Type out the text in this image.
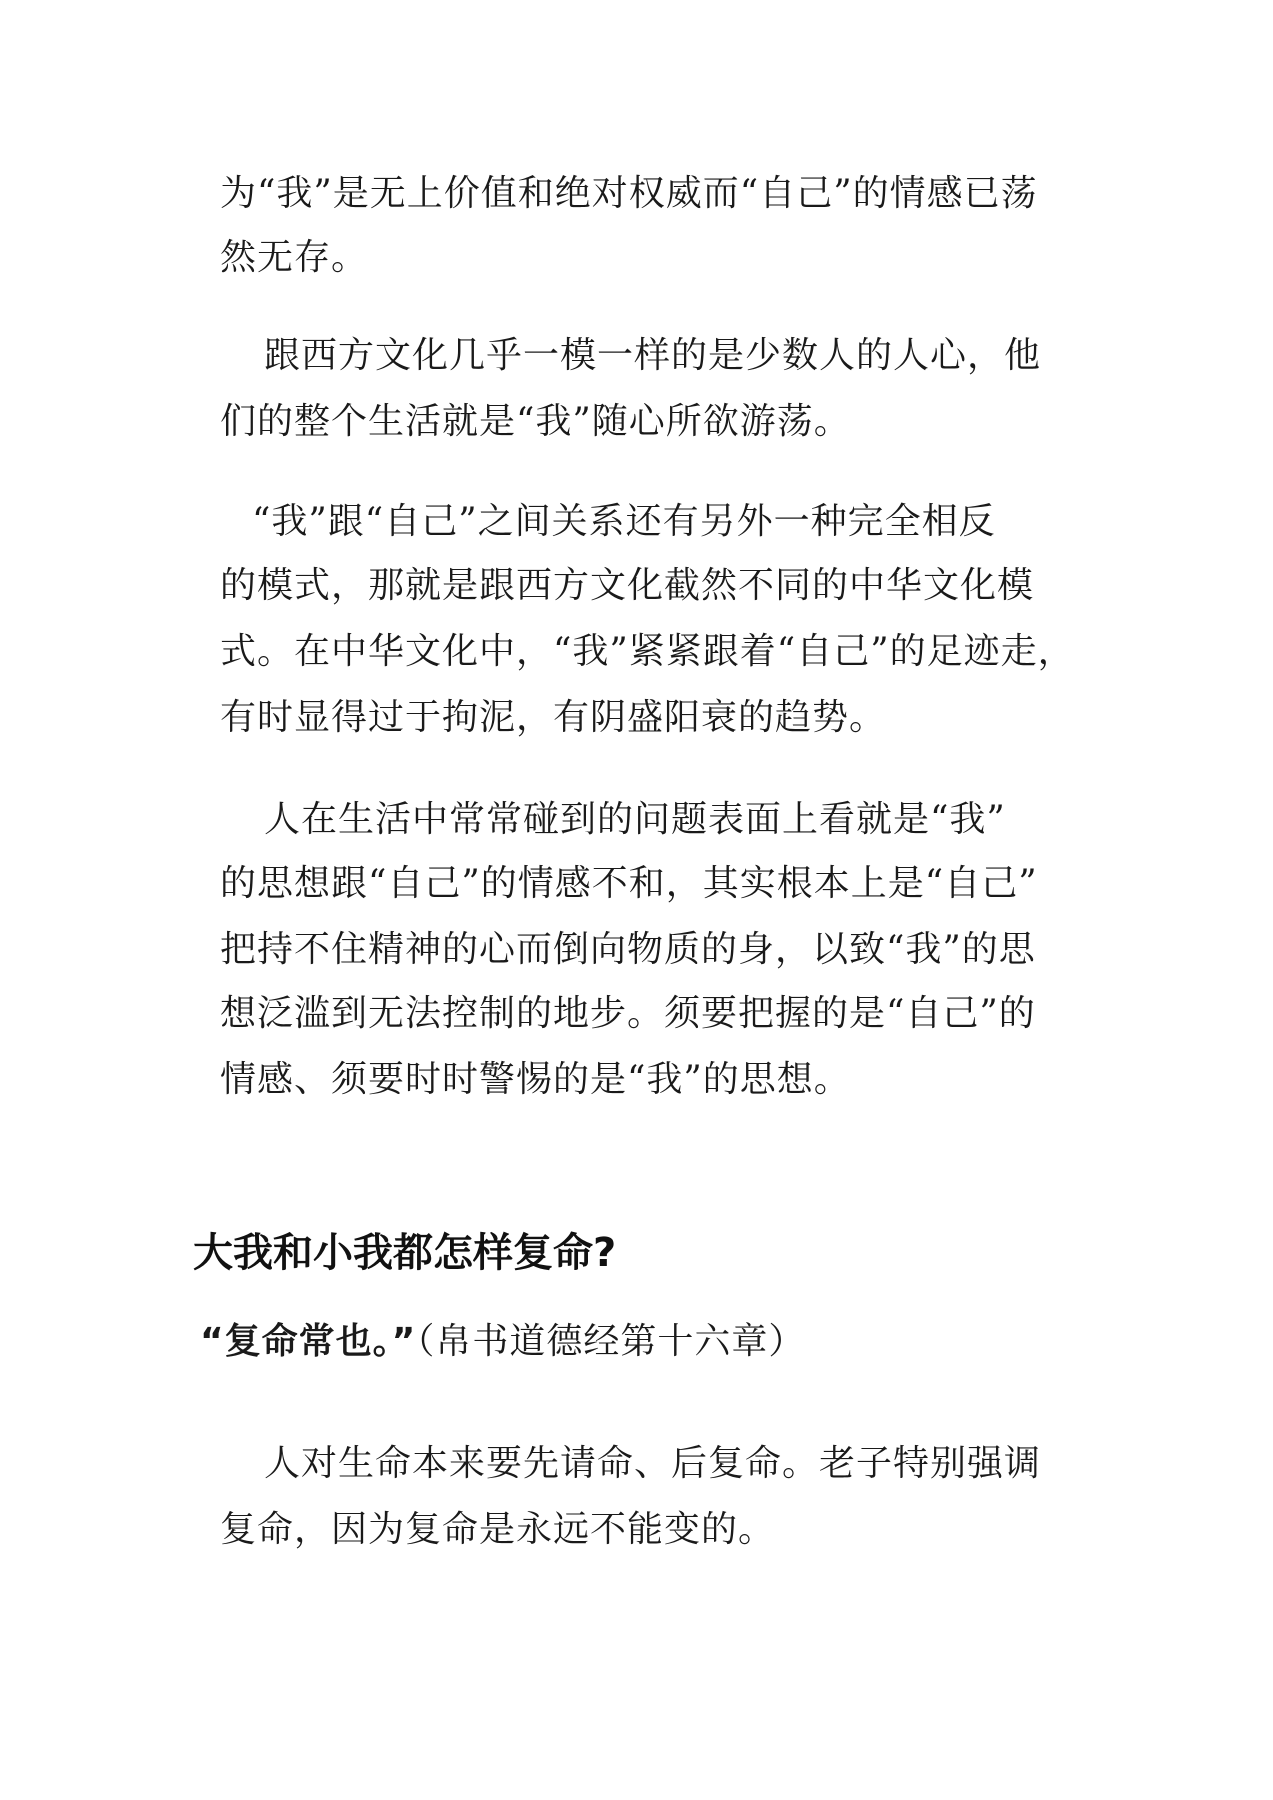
为“我”是无上价值和绝对权威而“自己”的情感已荡
然无存。
跟西方文化几乎一模一样的是少数人的人心，他
们的整个生活就是“我”随心所欲游荡。
“我”跟“自己”之间关系还有另外一种完全相反
的模式，那就是跟西方文化截然不同的中华文化模
式。在中华文化中，“我”紧紧跟着“自己”的足迹走，
有时显得过于拘泥，有阴盛阳衰的趋势。
人在生活中常常碰到的问题表面上看就是“我”
的思想跟“自己”的情感不和，其实根本上是“自己”
把持不住精神的心而倒向物质的身，以致“我”的思
想泛滥到无法控制的地步。须要把握的是“自己”的
情感、须要时时警惕的是“我”的思想。
大我和小我都怎样复命?
“复命常也。”（帛书道德经第十六章）
人对生命本来要先请命、后复命。老子特别强调
复命，因为复命是永远不能变的。
